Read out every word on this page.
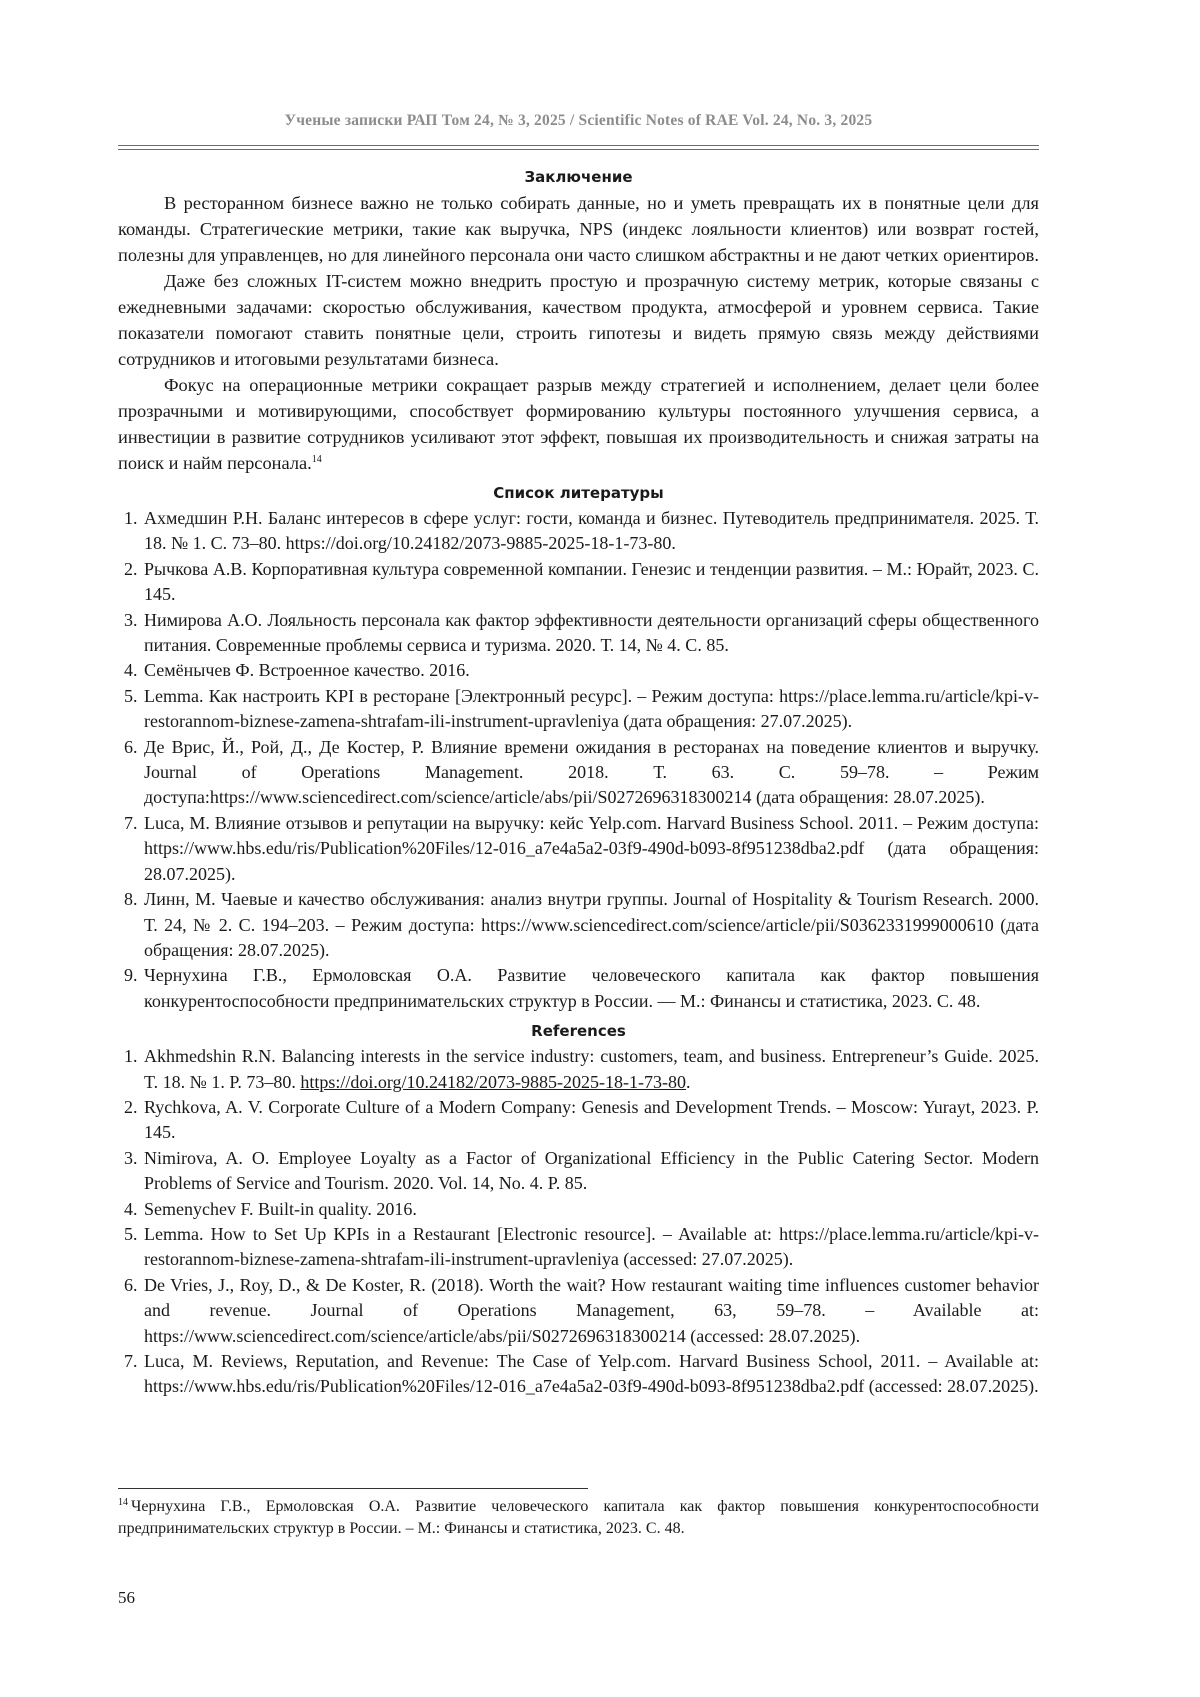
Ученые записки РАП Том 24, № 3, 2025 / Scientific Notes of RAE Vol. 24, No. 3, 2025
Заключение

В ресторанном бизнесе важно не только собирать данные, но и уметь превращать их в понятные цели для команды. Стратегические метрики, такие как выручка, NPS (индекс лояльности клиентов) или возврат гостей, полезны для управленцев, но для линейного персонала они часто слишком абстрактны и не дают четких ориентиров.

Даже без сложных IT-систем можно внедрить простую и прозрачную систему метрик, которые связаны с ежедневными задачами: скоростью обслуживания, качеством продукта, атмосферой и уровнем сервиса. Такие показатели помогают ставить понятные цели, строить гипотезы и видеть прямую связь между действиями сотрудников и итоговыми результатами бизнеса.

Фокус на операционные метрики сокращает разрыв между стратегией и исполнением, делает цели более прозрачными и мотивирующими, способствует формированию культуры постоянного улучшения сервиса, а инвестиции в развитие сотрудников усиливают этот эффект, повышая их производительность и снижая затраты на поиск и найм персонала.$^{14}$

Список литературы
1. Ахмедшин Р.Н. Баланс интересов в сфере услуг: гости, команда и бизнес. Путеводитель предпринимателя. 2025. Т. 18. № 1. С. 73–80. https://doi.org/10.24182/2073-9885-2025-18-1-73-80.
2. Рычкова А.В. Корпоративная культура современной компании. Генезис и тенденции развития. – М.: Юрайт, 2023. С. 145.
3. Нимирова А.О. Лояльность персонала как фактор эффективности деятельности организаций сферы общественного питания. Современные проблемы сервиса и туризма. 2020. Т. 14, № 4. С. 85.
4. Семёнычев Ф. Встроенное качество. 2016.
5. Lemma. Как настроить KPI в ресторане [Электронный ресурс]. – Режим доступа: https://place.lemma.ru/article/kpi-v-restorannom-biznese-zamena-shtrafam-ili-instrument-upravleniya (дата обращения: 27.07.2025).
6. Де Врис, Й., Рой, Д., Де Костер, Р. Влияние времени ожидания в ресторанах на поведение клиентов и выручку. Journal of Operations Management. 2018. Т. 63. С. 59–78. – Режим доступа:https://www.sciencedirect.com/science/article/abs/pii/S0272696318300214 (дата обращения: 28.07.2025).
7. Luca, M. Влияние отзывов и репутации на выручку: кейс Yelp.com. Harvard Business School. 2011. – Режим доступа: https://www.hbs.edu/ris/Publication%20Files/12-016_a7e4a5a2-03f9-490d-b093-8f951238dba2.pdf (дата обращения: 28.07.2025).
8. Линн, М. Чаевые и качество обслуживания: анализ внутри группы. Journal of Hospitality & Tourism Research. 2000. Т. 24, № 2. С. 194–203. – Режим доступа: https://www.sciencedirect.com/science/article/pii/S0362331999000610 (дата обращения: 28.07.2025).
9. Чернухина Г.В., Ермоловская О.А. Развитие человеческого капитала как фактор повышения конкурентоспособности предпринимательских структур в России. — М.: Финансы и статистика, 2023. С. 48.
References
1. Akhmedshin R.N. Balancing interests in the service industry: customers, team, and business. Entrepreneur’s Guide. 2025. T. 18. № 1. P. 73–80. https://doi.org/10.24182/2073-9885-2025-18-1-73-80.
2. Rychkova, A. V. Corporate Culture of a Modern Company: Genesis and Development Trends. – Moscow: Yurayt, 2023. P. 145.
3. Nimirova, A. O. Employee Loyalty as a Factor of Organizational Efficiency in the Public Catering Sector. Modern Problems of Service and Tourism. 2020. Vol. 14, No. 4. P. 85.
4. Semenychev F. Built-in quality. 2016.
5. Lemma. How to Set Up KPIs in a Restaurant [Electronic resource]. – Available at: https://place.lemma.ru/article/kpi-v-restorannom-biznese-zamena-shtrafam-ili-instrument-upravleniya (accessed: 27.07.2025).
6. De Vries, J., Roy, D., & De Koster, R. (2018). Worth the wait? How restaurant waiting time influences customer behavior and revenue. Journal of Operations Management, 63, 59–78. – Available at: https://www.sciencedirect.com/science/article/abs/pii/S0272696318300214 (accessed: 28.07.2025).
7. Luca, M. Reviews, Reputation, and Revenue: The Case of Yelp.com. Harvard Business School, 2011. – Available at: https://www.hbs.edu/ris/Publication%20Files/12-016_a7e4a5a2-03f9-490d-b093-8f951238dba2.pdf (accessed: 28.07.2025).
$^{14}$ Чернухина Г.В., Ермоловская О.А. Развитие человеческого капитала как фактор повышения конкурентоспособности предпринимательских структур в России. – М.: Финансы и статистика, 2023. С. 48.
56
